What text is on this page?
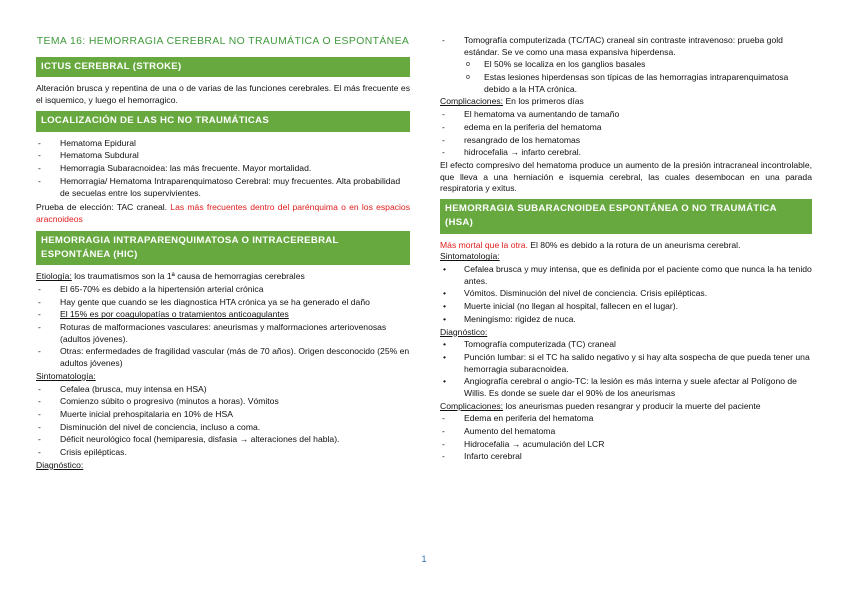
TEMA 16: HEMORRAGIA CEREBRAL NO TRAUMÁTICA O ESPONTÁNEA
ICTUS CEREBRAL (STROKE)

Alteración brusca y repentina de una o de varias de las funciones cerebrales. El más frecuente es el isquemico, y luego el hemorragico.

LOCALIZACIÓN DE LAS HC NO TRAUMÁTICAS
- Hematoma Epidural
- Hematoma Subdural
- Hemorragia Subaracnoidea: las más frecuente. Mayor mortalidad.
- Hemorragia/ Hematoma Intraparenquimatoso Cerebral: muy frecuentes. Alta probabilidad de secuelas entre los supervivientes.

Prueba de elección: TAC craneal. Las más frecuentes dentro del parénquima o en los espacios aracnoideos

HEMORRAGIA INTRAPARENQUIMATOSA O INTRACEREBRAL ESPONTÁNEA (HIC)

Etiología: los traumatismos son la 1ª causa de hemorragias cerebrales

- El 65-70% es debido a la hipertensión arterial crónica
- Hay gente que cuando se les diagnostica HTA crónica ya se ha generado el daño
- El 15% es por coagulopatías o tratamientos anticoagulantes
- Roturas de malformaciones vasculares: aneurismas y malformaciones arteriovenosas (adultos jóvenes).
- Otras: enfermedades de fragilidad vascular (más de 70 años). Origen desconocido (25% en adultos jóvenes)

Sintomatología:

- Cefalea (brusca, muy intensa en HSA)
- Comienzo súbito o progresivo (minutos a horas). Vómitos
- Muerte inicial prehospitalaria en 10% de HSA
- Disminución del nivel de conciencia, incluso a coma.
- Déficit neurológico focal (hemiparesia, disfasia → alteraciones del habla).
- Crisis epilépticas.

Diagnóstico:

- Tomografía computerizada (TC/TAC) craneal sin contraste intravenoso: prueba gold estándar. Se ve como una masa expansiva hiperdensa.
o El 50% se localiza en los ganglios basales
o Estas lesiones hiperdensas son típicas de las hemorragias intraparenquimatosa debido a la HTA crónica.

Complicaciones: En los primeros días

- El hematoma va aumentando de tamaño
- edema en la periferia del hematoma
- resangrado de los hematomas
- hidrocefalia → infarto cerebral.

El efecto compresivo del hematoma produce un aumento de la presión intracraneal incontrolable, que lleva a una herniación e isquemia cerebral, las cuales desembocan en una parada respiratoria y exitus.

HEMORRAGIA SUBARACNOIDEA ESPONTÁNEA O NO TRAUMÁTICA (HSA)

Más mortal que la otra. El 80% es debido a la rotura de un aneurisma cerebral.

Sintomatología:

• Cefalea brusca y muy intensa, que es definida por el paciente como que nunca la ha tenido antes.
• Vómitos. Disminución del nivel de conciencia. Crisis epilépticas.
• Muerte inicial (no llegan al hospital, fallecen en el lugar).
• Meningismo: rigidez de nuca.

Diagnóstico:

• Tomografía computerizada (TC) craneal
• Punción lumbar: si el TC ha salido negativo y si hay alta sospecha de que pueda tener una hemorragia subaracnoidea.
• Angiografía cerebral o angio-TC: la lesión es más interna y suele afectar al Polígono de Willis. Es donde se suele dar el 90% de los aneurismas

Complicaciones: los aneurismas pueden resangrar y producir la muerte del paciente

- Edema en periferia del hematoma
- Aumento del hematoma
- Hidrocefalia → acumulación del LCR
- Infarto cerebral
1
